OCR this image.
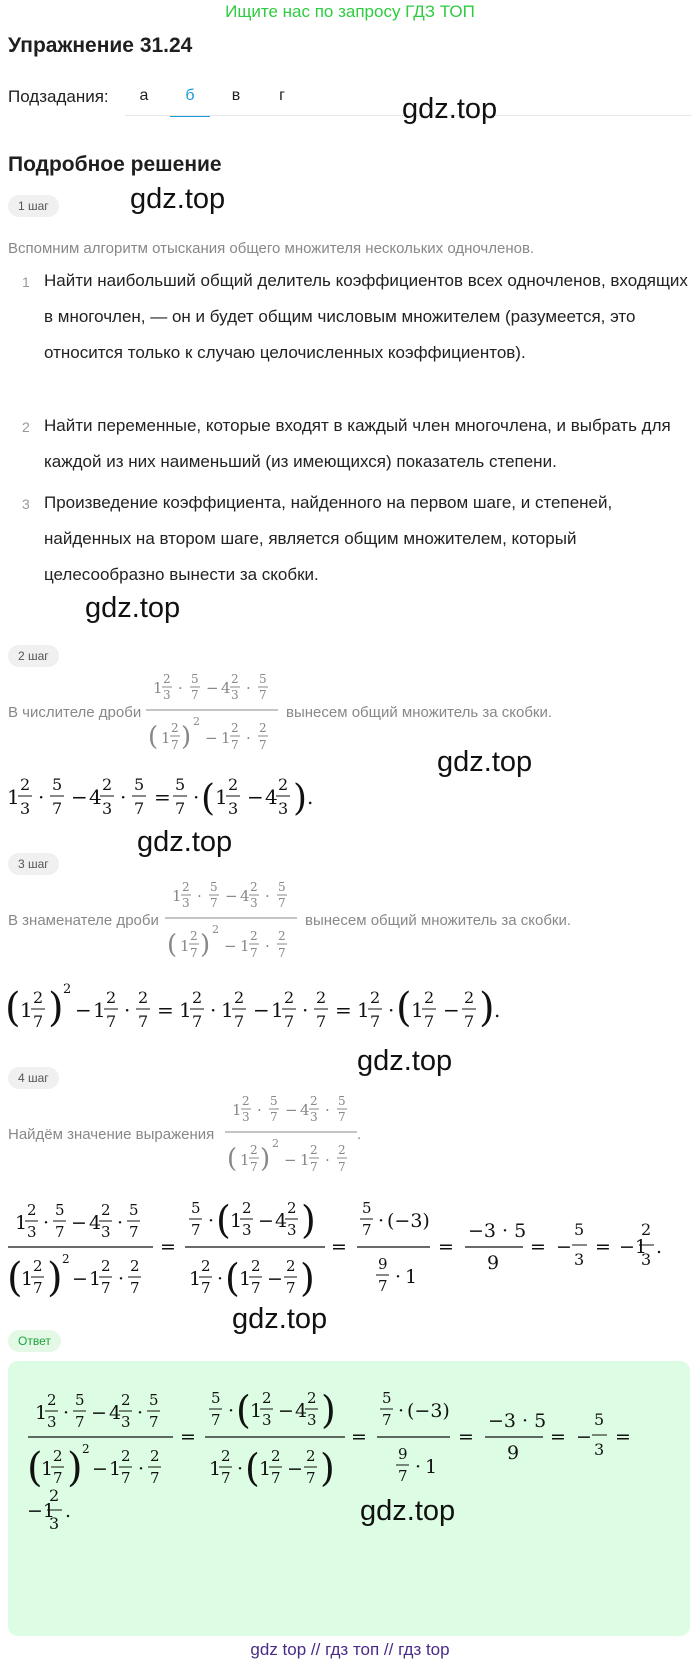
Ищите нас по запросу ГДЗ ТОП
Упражнение 31.24
Подзадания:	а	б	в	г	gdz.top
Подробное решение
1 шаг	gdz.top
Вспомним алгоритм отыскания общего множителя нескольких одночленов.
1 Найти наибольший общий делитель коэффициентов всех одночленов, входящих в многочлен, — он и будет общим числовым множителем (разумеется, это относится только к случаю целочисленных коэффициентов).
2 Найти переменные, которые входят в каждый член многочлена, и выбрать для каждой из них наименьший (из имеющихся) показатель степени.
3 Произведение коэффициента, найденного на первом шаге, и степеней, найденных на втором шаге, является общим множителем, который целесообразно вынести за скобки.
gdz.top
2 шаг
В числителе дроби
1 2
3 · 5
7 − 4 2
3 · 5
7
( 1
2
7 )
2
− 1
2
7 ·
2
7
вынесем общий множитель за скобки.
gdz.top
1
2
3 ·
5
7 − 4
2
3 ·
5
7 =
5
7 · ( 1
2
3 − 4
2
3 ) .
gdz.top
3 шаг
В знаменателе дроби
1 2
3 · 5
7 − 4 2
3 · 5
7
( 1
2
7 )
2
− 1
2
7 ·
2
7
вынесем общий множитель за скобки.
( 1
2
7 ) 2
− 1
2
7 ·
2
7 = 1
2
7 · 1
2
7 − 1
2
7 ·
2
7 = 1
2
7 · ( 1
2
7 −
2
7 ) .
gdz.top
4 шаг
Найдём значение выражения
1 2
3 · 5
7 − 4 2
3 · 5
7
( 1
2
7 )
2
− 1
2
7 ·
2
7
.
1
2
3 ·
5
7 − 4
2
3 ·
5
7
(
1
2
7 ) 2
− 1
2
7 ·
2
7
=
5
7 · ( 1
2
3 − 4
2
3 )
1
2
7 · ( 1
2
7 −
2
7 )
=
5
7 · (−3)
9
7 · 1
=
−3 · 5
9
= −
5
3
= −1
2
3
.
gdz.top
Ответ
1
2
3 ·
5
7 − 4
2
3 ·
5
7
(
1
2
7 ) 2
− 1
2
7 ·
2
7
=
5
7 · ( 1
2
3 − 4
2
3 )
1
2
7 · ( 1
2
7 −
2
7 )
=
5
7 · (−3)
9
7 · 1
=
−3 · 5
9
= −
5
3
=
−1
2
3
.	gdz.top
gdz top // гдз топ // гдз top
